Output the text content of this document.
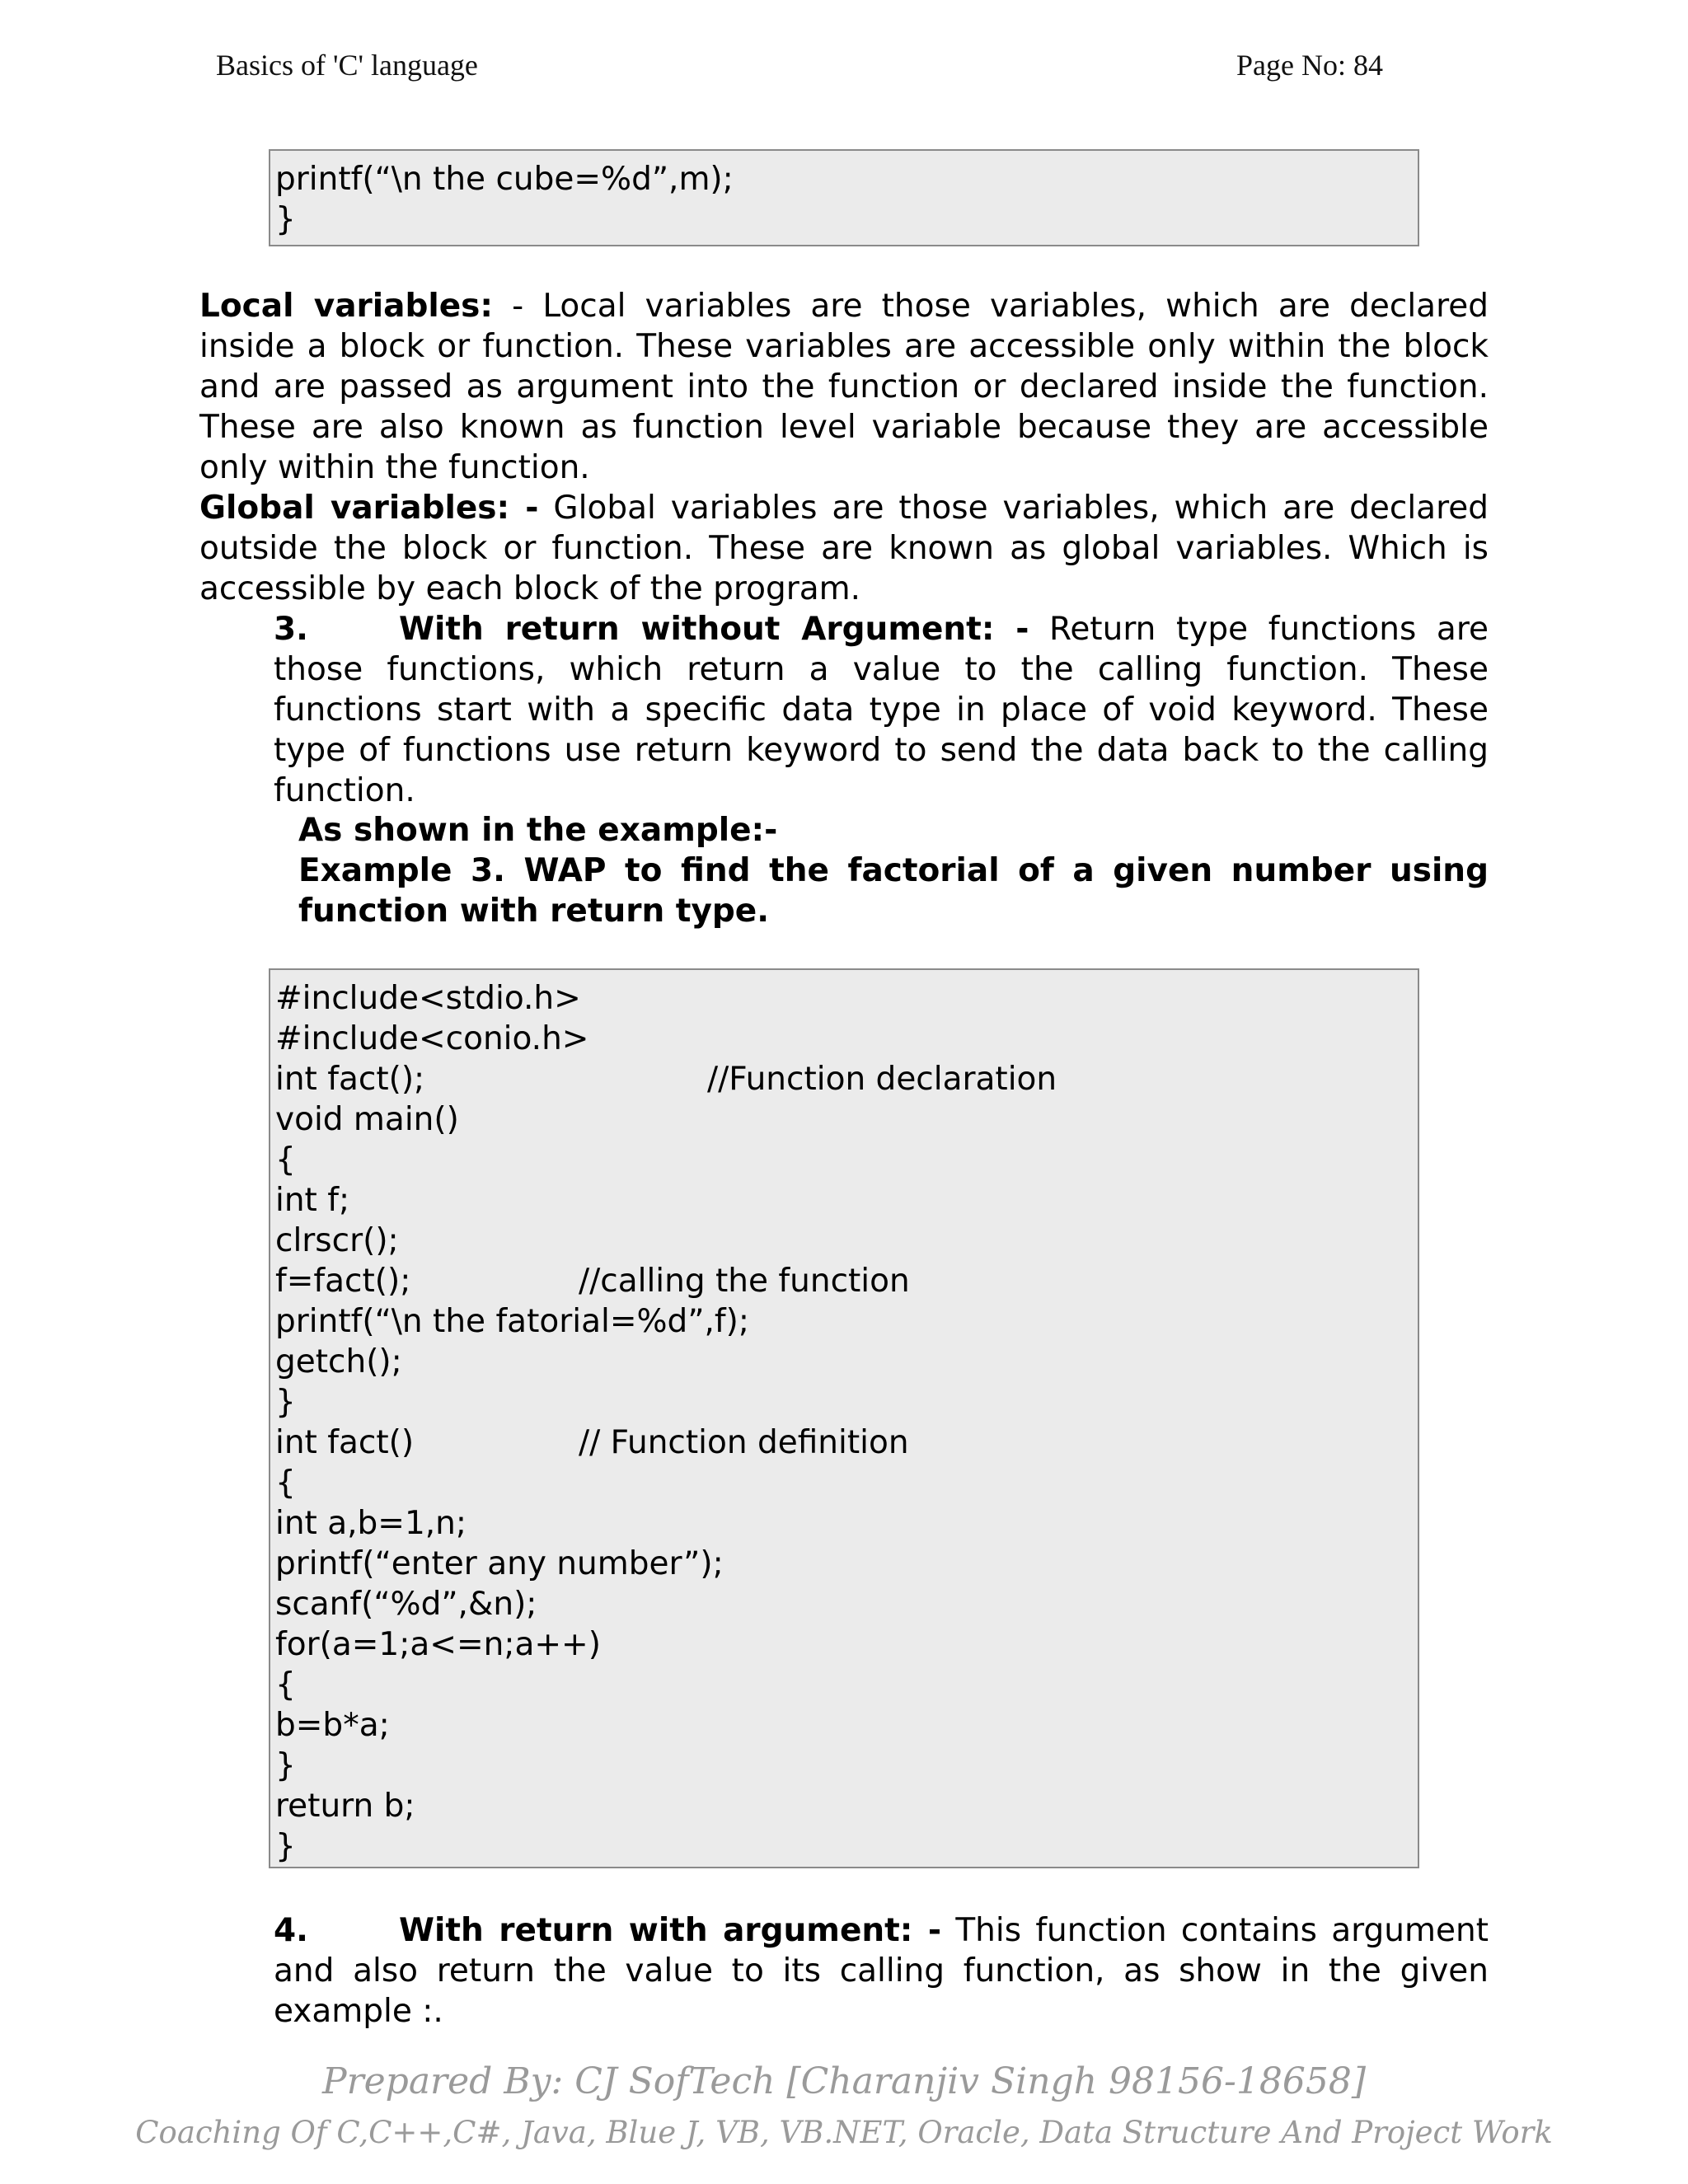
Basics of 'C' language	Page No: 84
printf(“\n the cube=%d”,m);
}
Local variables: - Local variables are those variables, which are declared inside a block or function. These variables are accessible only within the block and are passed as argument into the function or declared inside the function. These are also known as function level variable because they are accessible only within the function.
Global variables: - Global variables are those variables, which are declared outside the block or function. These are known as global variables. Which is accessible by each block of the program.
3.	With return without Argument: - Return type functions are those functions, which return a value to the calling function. These functions start with a specific data type in place of void keyword. These type of functions use return keyword to send the data back to the calling function.
As shown in the example:-
Example 3. WAP to find the factorial of a given number using function with return type.
#include<stdio.h>
#include<conio.h>
int fact();	//Function declaration
void main()
{
int f;
clrscr();
f=fact();	//calling the function
printf(“\n the fatorial=%d”,f);
getch();
}
int fact()	// Function definition
{
int a,b=1,n;
printf(“enter any number”);
scanf(“%d”,&n);
for(a=1;a<=n;a++)
{
b=b*a;
}
return b;
}
4.	With return with argument: - This function contains argument and also return the value to its calling function, as show in the given example :.
Prepared By: CJ SofTech [Charanjiv Singh 98156-18658]
Coaching Of C,C++,C#, Java, Blue J, VB, VB.NET, Oracle, Data Structure And Project Work
